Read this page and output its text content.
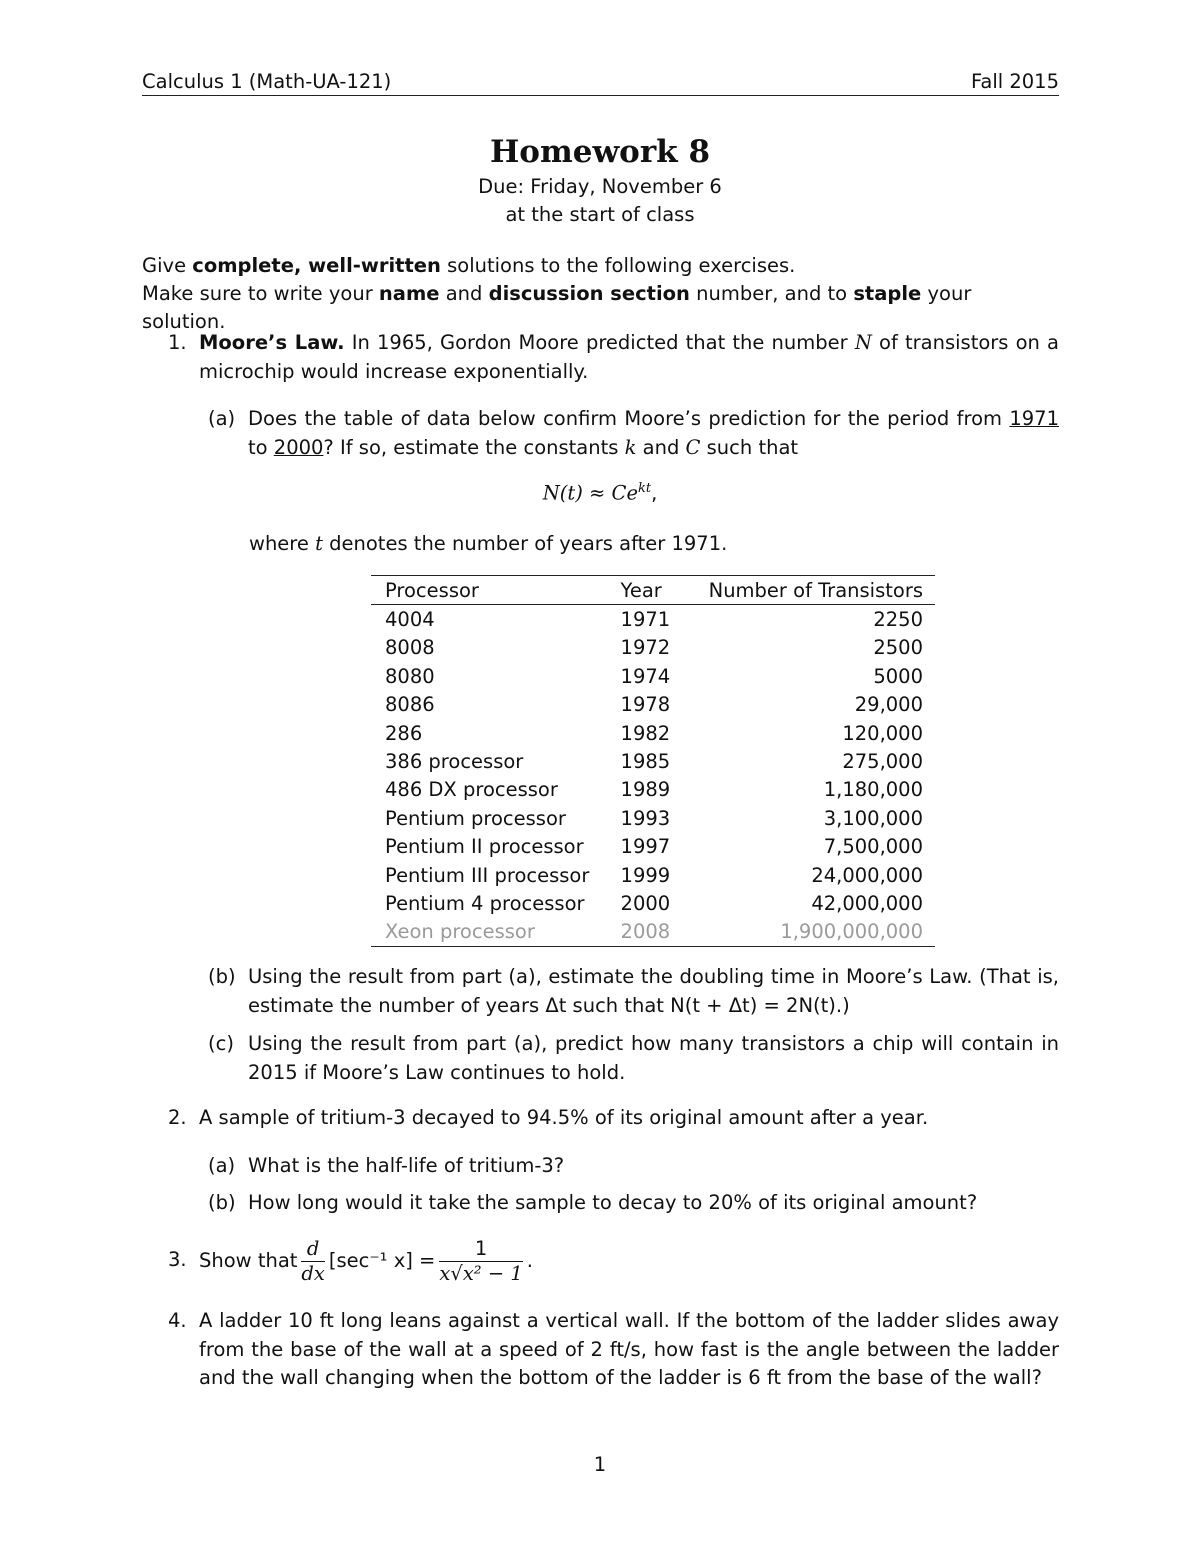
Calculus 1 (Math-UA-121)	Fall 2015
Homework 8
Due: Friday, November 6
at the start of class
Give complete, well-written solutions to the following exercises.
Make sure to write your name and discussion section number, and to staple your solution.
1. Moore’s Law. In 1965, Gordon Moore predicted that the number N of transistors on a microchip would increase exponentially.
(a) Does the table of data below confirm Moore’s prediction for the period from 1971 to 2000? If so, estimate the constants k and C such that
$N(t) \approx Ce^{kt}$,
where t denotes the number of years after 1971.
Processor	Year	Number of Transistors
4004	1971	2250
8008	1972	2500
8080	1974	5000
8086	1978	29,000
286	1982	120,000
386 processor	1985	275,000
486 DX processor	1989	1,180,000
Pentium processor	1993	3,100,000
Pentium II processor	1997	7,500,000
Pentium III processor	1999	24,000,000
Pentium 4 processor	2000	42,000,000
Xeon processor	2008	1,900,000,000
(b) Using the result from part (a), estimate the doubling time in Moore’s Law. (That is, estimate the number of years Δt such that N(t + Δt) = 2N(t).)
(c) Using the result from part (a), predict how many transistors a chip will contain in 2015 if Moore’s Law continues to hold.
2. A sample of tritium-3 decayed to 94.5% of its original amount after a year.
(a) What is the half-life of tritium-3?
(b) How long would it take the sample to decay to 20% of its original amount?
3. Show that $\frac{d}{dx} [\sec^{-1}$ $x] = \frac{1}{\text{x√x² − 1}}$ .
4. A ladder 10 ft long leans against a vertical wall. If the bottom of the ladder slides away from the base of the wall at a speed of 2 ft/s, how fast is the angle between the ladder and the wall changing when the bottom of the ladder is 6 ft from the base of the wall?
1
